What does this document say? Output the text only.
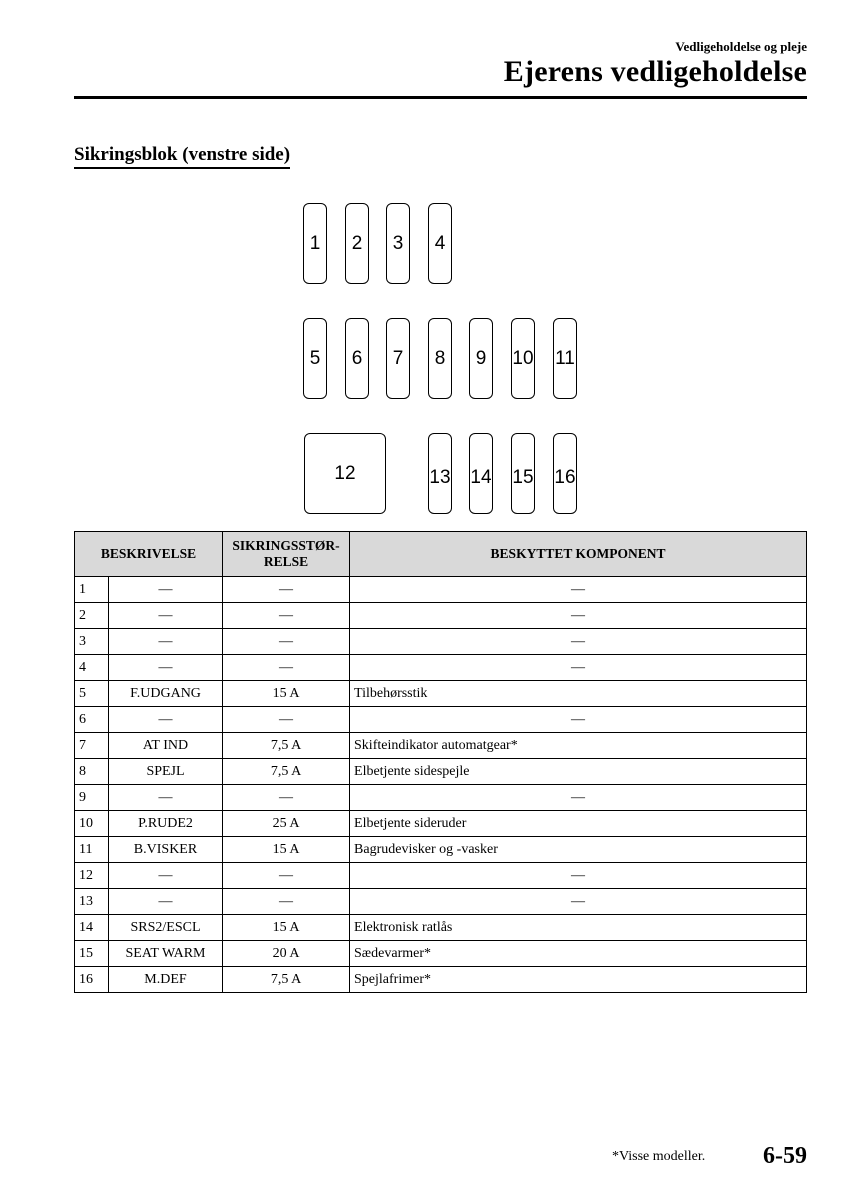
Vedligeholdelse og pleje
Ejerens vedligeholdelse
Sikringsblok (venstre side)
1 2 3 4
5 6 7 8 9 10 11
12	13 14 15 16
BESKRIVELSE		SIKRINGSSTØR-
RELSE	BESKYTTET KOMPONENT
1	—	—	—
2	—	—	—
3	—	—	—
4	—	—	—
5	F.UDGANG	15 A	Tilbehørsstik
6	—	—	—
7	AT IND	7,5 A	Skifteindikator automatgear*
8	SPEJL	7,5 A	Elbetjente sidespejle
9	—	—	—
10	P.RUDE2	25 A	Elbetjente sideruder
11	B.VISKER	15 A	Bagrudevisker og -vasker
12	—	—	—
13	—	—	—
14	SRS2/ESCL	15 A	Elektronisk ratlås
15	SEAT WARM	20 A	Sædevarmer*
16	M.DEF	7,5 A	Spejlafrimer*
*Visse modeller. 6-59
